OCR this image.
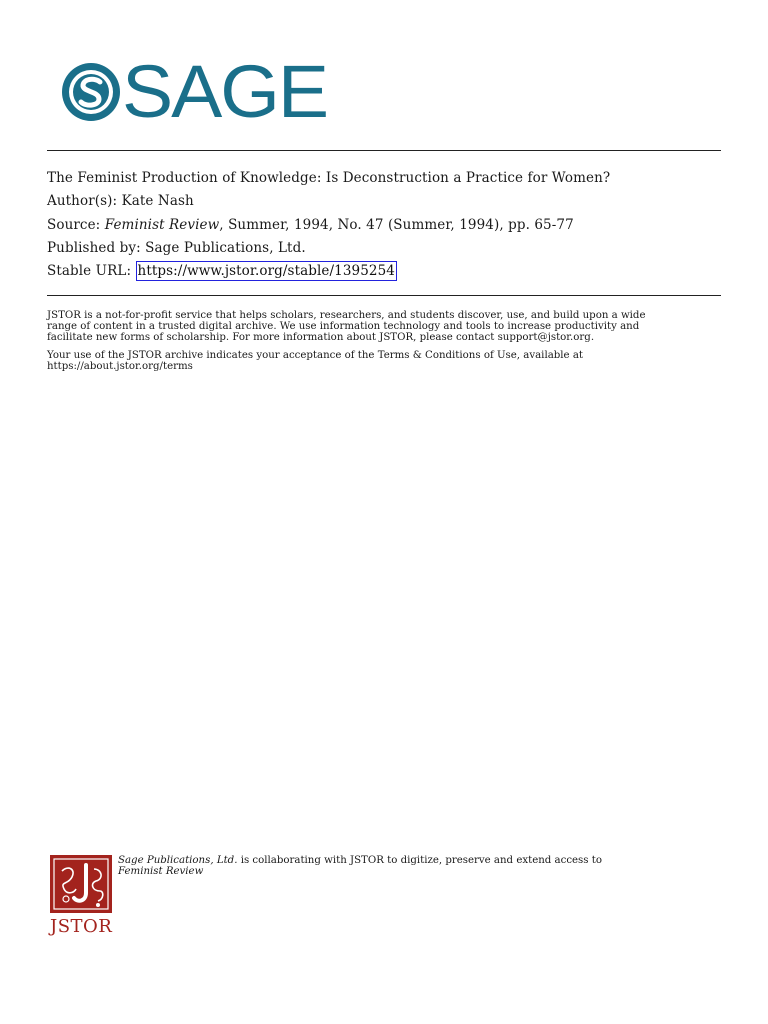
SAGE
The Feminist Production of Knowledge: Is Deconstruction a Practice for Women?
Author(s): Kate Nash
Source: Feminist Review, Summer, 1994, No. 47 (Summer, 1994), pp. 65-77
Published by: Sage Publications, Ltd.
Stable URL: https://www.jstor.org/stable/1395254

JSTOR is a not-for-profit service that helps scholars, researchers, and students discover, use, and build upon a wide
range of content in a trusted digital archive. We use information technology and tools to increase productivity and
facilitate new forms of scholarship. For more information about JSTOR, please contact support@jstor.org.

Your use of the JSTOR archive indicates your acceptance of the Terms & Conditions of Use, available at
https://about.jstor.org/terms

JSTOR
Sage Publications, Ltd. is collaborating with JSTOR to digitize, preserve and extend access to
Feminist Review
